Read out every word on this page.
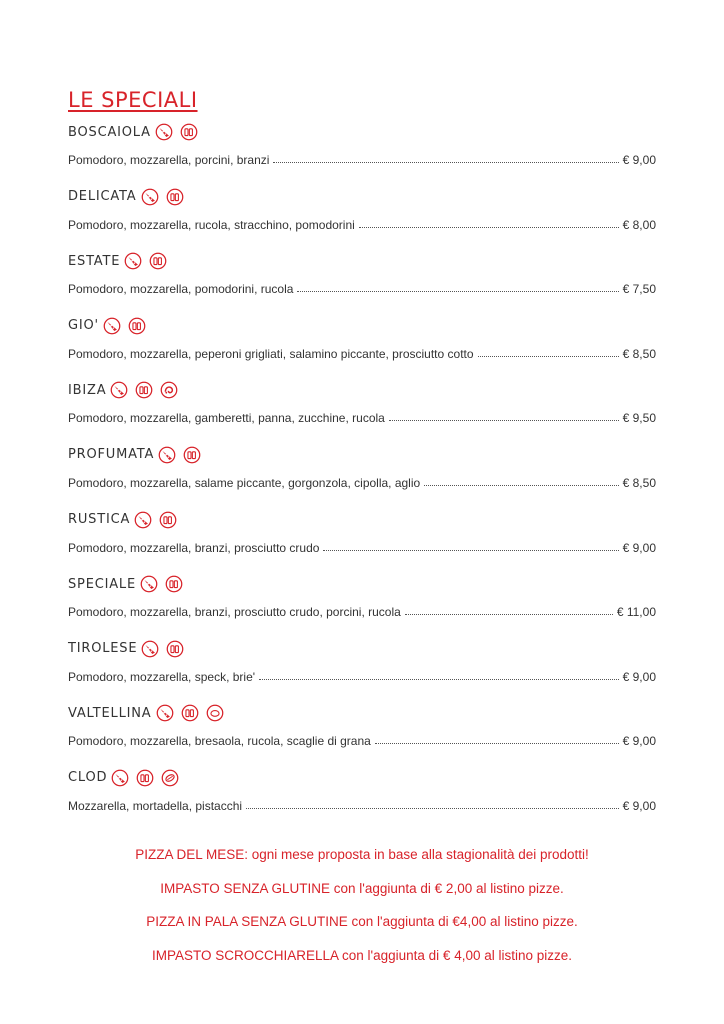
LE SPECIALI
BOSCAIOLA
Pomodoro, mozzarella, porcini, branzi	€ 9,00
DELICATA
Pomodoro, mozzarella, rucola, stracchino, pomodorini	€ 8,00
ESTATE
Pomodoro, mozzarella, pomodorini, rucola	€ 7,50
GIO'
Pomodoro, mozzarella, peperoni grigliati, salamino piccante, prosciutto cotto	€ 8,50
IBIZA
Pomodoro, mozzarella, gamberetti, panna, zucchine, rucola	€ 9,50
PROFUMATA
Pomodoro, mozzarella, salame piccante, gorgonzola, cipolla, aglio	€ 8,50
RUSTICA
Pomodoro, mozzarella, branzi, prosciutto crudo	€ 9,00
SPECIALE
Pomodoro, mozzarella, branzi, prosciutto crudo, porcini, rucola	€ 11,00
TIROLESE
Pomodoro, mozzarella, speck, brie'	€ 9,00
VALTELLINA
Pomodoro, mozzarella, bresaola, rucola, scaglie di grana	€ 9,00
CLOD
Mozzarella, mortadella, pistacchi	€ 9,00
PIZZA DEL MESE: ogni mese proposta in base alla stagionalità dei prodotti!
IMPASTO SENZA GLUTINE con l'aggiunta di € 2,00 al listino pizze.
PIZZA IN PALA SENZA GLUTINE con l'aggiunta di €4,00 al listino pizze.
IMPASTO SCROCCHIARELLA con l'aggiunta di € 4,00 al listino pizze.
